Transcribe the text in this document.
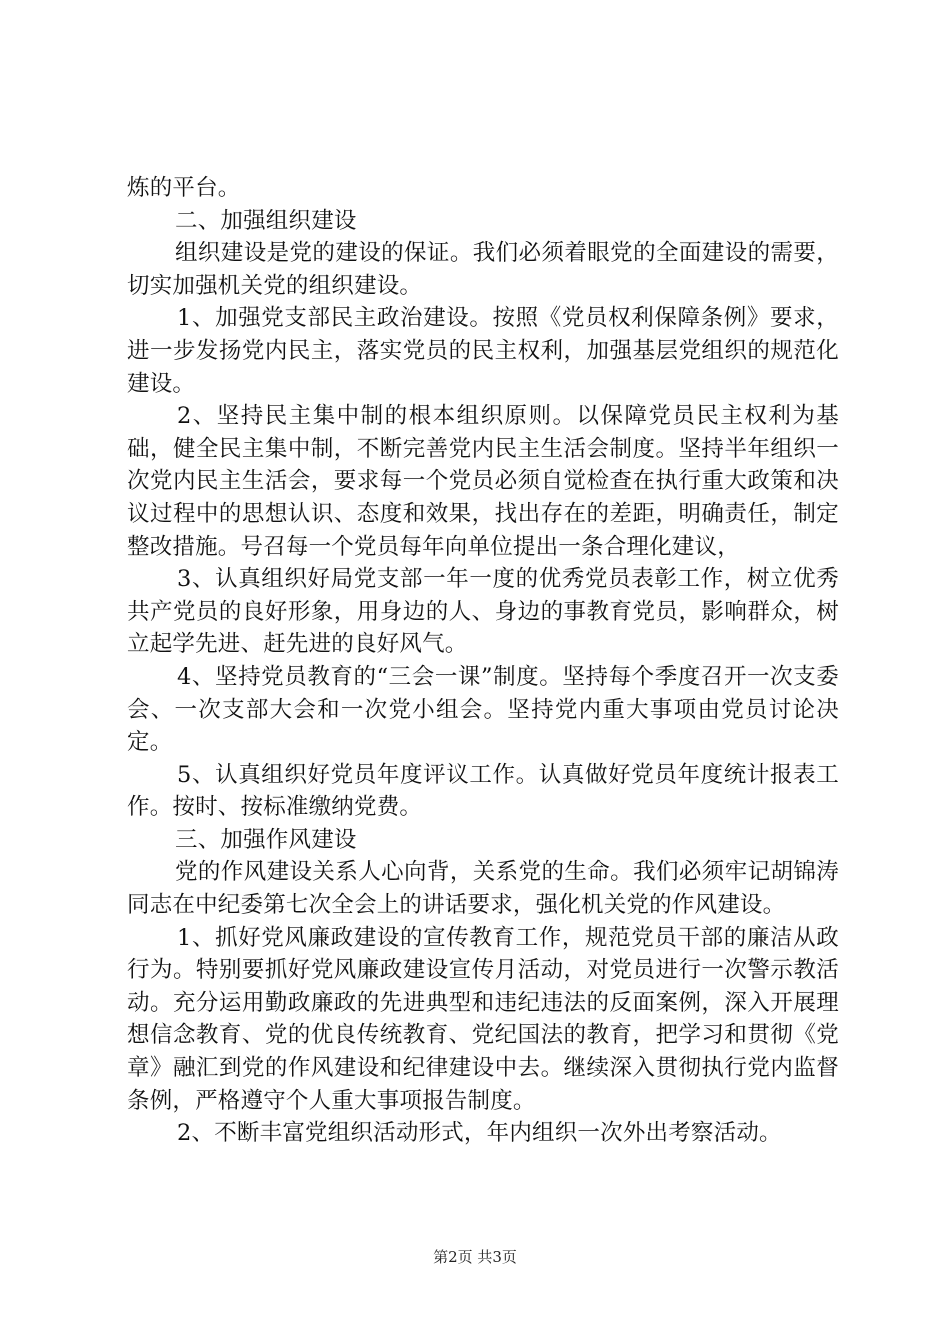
炼的平台。

二、加强组织建设

组织建设是党的建设的保证。我们必须着眼党的全面建设的需要，切实加强机关党的组织建设。

1、加强党支部民主政治建设。按照《党员权利保障条例》要求，进一步发扬党内民主，落实党员的民主权利，加强基层党组织的规范化建设。

2、坚持民主集中制的根本组织原则。以保障党员民主权利为基础，健全民主集中制，不断完善党内民主生活会制度。坚持半年组织一次党内民主生活会，要求每一个党员必须自觉检查在执行重大政策和决议过程中的思想认识、态度和效果，找出存在的差距，明确责任，制定整改措施。号召每一个党员每年向单位提出一条合理化建议，

3、认真组织好局党支部一年一度的优秀党员表彰工作，树立优秀共产党员的良好形象，用身边的人、身边的事教育党员，影响群众，树立起学先进、赶先进的良好风气。

4、坚持党员教育的“三会一课”制度。坚持每个季度召开一次支委会、一次支部大会和一次党小组会。坚持党内重大事项由党员讨论决定。

5、认真组织好党员年度评议工作。认真做好党员年度统计报表工作。按时、按标准缴纳党费。

三、加强作风建设

党的作风建设关系人心向背，关系党的生命。我们必须牢记胡锦涛同志在中纪委第七次全会上的讲话要求，强化机关党的作风建设。

1、抓好党风廉政建设的宣传教育工作，规范党员干部的廉洁从政行为。特别要抓好党风廉政建设宣传月活动，对党员进行一次警示教活动。充分运用勤政廉政的先进典型和违纪违法的反面案例，深入开展理想信念教育、党的优良传统教育、党纪国法的教育，把学习和贯彻《党章》融汇到党的作风建设和纪律建设中去。继续深入贯彻执行党内监督条例，严格遵守个人重大事项报告制度。

2、不断丰富党组织活动形式，年内组织一次外出考察活动。

第2页 共3页
